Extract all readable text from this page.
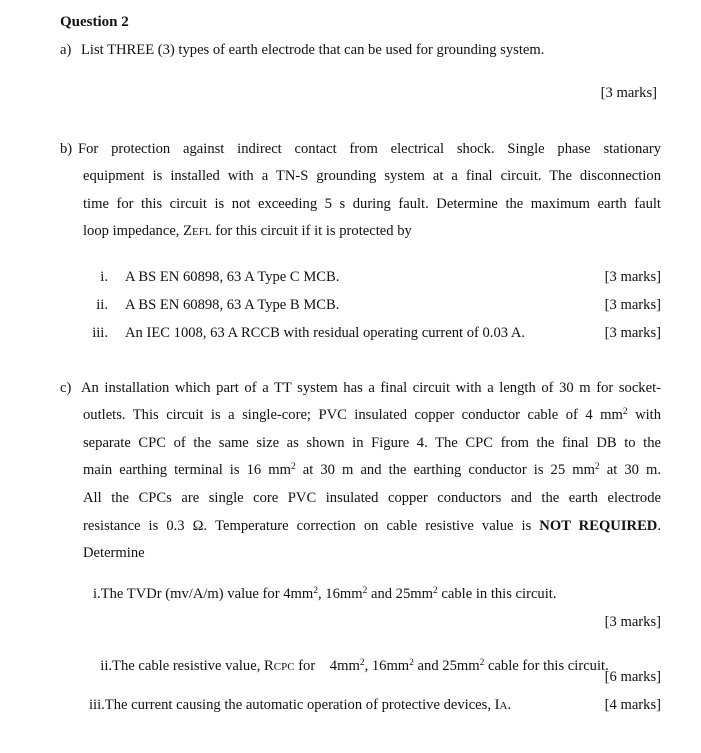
Question 2
a) List THREE (3) types of earth electrode that can be used for grounding system.
[3 marks]
b) For protection against indirect contact from electrical shock. Single phase stationary
equipment is installed with a TN-S grounding system at a final circuit. The disconnection
time for this circuit is not exceeding 5 s during fault. Determine the maximum earth fault
loop impedance, ZEFL for this circuit if it is protected by
i. A BS EN 60898, 63 A Type C MCB.	[3 marks]
ii. A BS EN 60898, 63 A Type B MCB.	[3 marks]
iii. An IEC 1008, 63 A RCCB with residual operating current of 0.03 A.	[3 marks]
c) An installation which part of a TT system has a final circuit with a length of 30 m for socket-
outlets. This circuit is a single-core; PVC insulated copper conductor cable of 4 $mm^2$ with
separate CPC of the same size as shown in Figure 4. The CPC from the final DB to the
main earthing terminal is 16 $mm^2$ at 30 m and the earthing conductor is 25 $mm^2$ at 30 m.
All the CPCs are single core PVC insulated copper conductors and the earth electrode
resistance is 0.3 Ω. Temperature correction on cable resistive value is NOT REQUIRED.
Determine
i.The TVDr (mv/A/m) value for $4mm^2$, $16mm^2$ and $25mm^2$ cable in this circuit.
[3 marks]

ii.The cable resistive value, RCPC for    $4mm^2$, $16mm^2$ and $25mm^2$ cable for this circuit.

[6 marks]
iii.The current causing the automatic operation of protective devices, IA.	[4 marks]
